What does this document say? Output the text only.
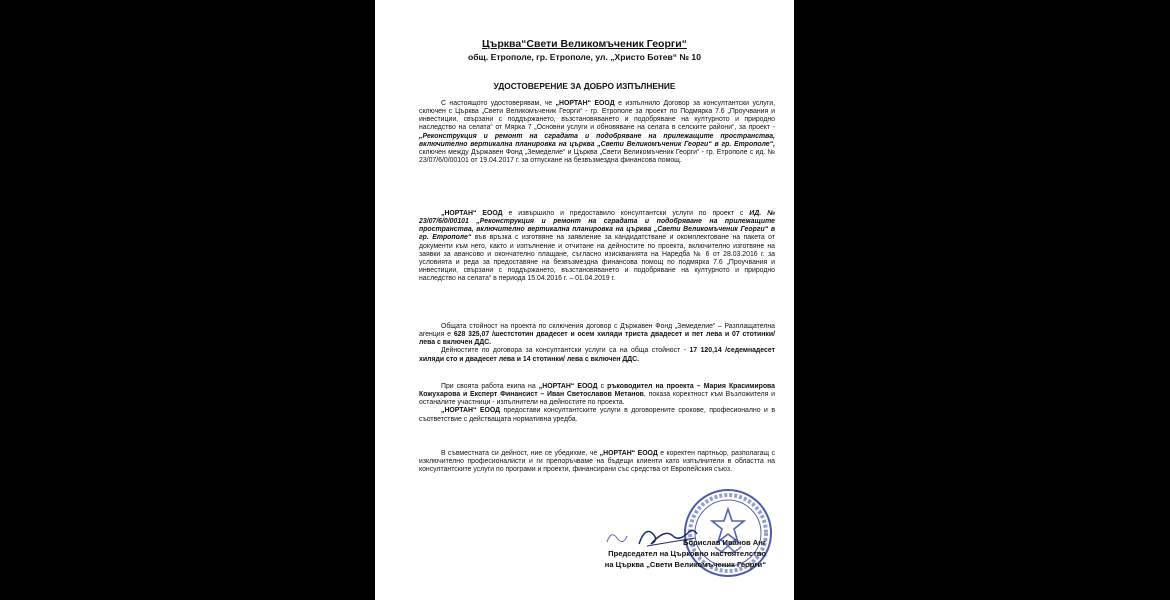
Църква“Свети Великомъченик Георги“
общ. Етрополе, гр. Етрополе, ул. „Христо Ботев“ № 10
УДОСТОВЕРЕНИЕ ЗА ДОБРО ИЗПЪЛНЕНИЕ
С настоящото удостоверявам, че „НОРТАН“ ЕООД е изпълнило Договор за консултантски услуги, сключен с Църква „Свети Великомъченик Георги“ - гр. Етрополе за проект по Подмярка 7.6 „Проучвания и инвестиции, свързани с поддържането, възстановяването и подобряване на културното и природно наследство на селата“ от Мярка 7 „Основни услуги и обновяване на селата в селските райони“, за проект - „Реконструкция и ремонт на сградата и подобряване на прилежащите пространства, включително вертикална планировка на църква „Свети Великомъченик Георги“ в гр. Етрополе“, сключен между Държавен Фонд „Земеделие“ и Църква „Свети Великомъченик Георги“ - гр. Етрополе с ид. № 23/07/6/0/00101 от 19.04.2017 г. за отпускане на безвъзмездна финансова помощ.
„НОРТАН“ ЕООД е извършило и предоставило консултантски услуги по проект с ИД. № 23/07/6/0/00101 „Реконструкция и ремонт на сградата и подобряване на прилежащите пространства, включително вертикална планировка на църква „Свети Великомъченик Георги“ в гр. Етрополе“ във връзка с изготвяне на заявление за кандидатстване и окомплектоване на пакета от документи към него, както и изпълнение и отчитане на дейностите по проекта, включително изготвяне на заявки за авансово и окончателно плащане, съгласно изискванията на Наредба № 6 от 28.03.2016 г. за условията и реда за предоставяне на безвъзмездна финансова помощ по подмярка 7.6 „Проучвания и инвестиции, свързани с поддържането, възстановяването и подобряване на културното и природно наследство на селата“ в периода 15.04.2016 г. – 01.04.2019 г.
Общата стойност на проекта по сключения договор с Държавен Фонд „Земеделие“ – Разплащателна агенция е 628 325,07 /шестстотин двадесет и осем хиляди триста двадесет и пет лева и 07 стотинки/ лева с включен ДДС.
Дейностите по договора за консултантски услуги са на обща стойност - 17 120,14 /седемнадесет хиляди сто и двадесет лева и 14 стотинки/ лева с включен ДДС.
При своята работа екипа на „НОРТАН“ ЕООД с ръководител на проекта – Мария Красимирова Кожухарова и Експерт Финансист – Иван Светославов Метанов, показа коректност към Възложителя и останалите участници - изпълнители на дейностите по проекта.
„НОРТАН“ ЕООД предостави консултантските услуги в договорените срокове, професионално и в съответствие с действащата нормативна уредба.
В съвместната си дейност, ние се убедихме, че „НОРТАН“ ЕООД е коректен партньор, разполагащ с изключително професионалисти и ги препоръчваме на бъдещи клиенти като изпълнители в областта на консултантските услуги по програми и проекти, финансирани със средства от Европейския съюз.
Борислав Иванов Анг
Председател на Църковно настоятелство
на Църква „Свети Великомъченик Георги“
